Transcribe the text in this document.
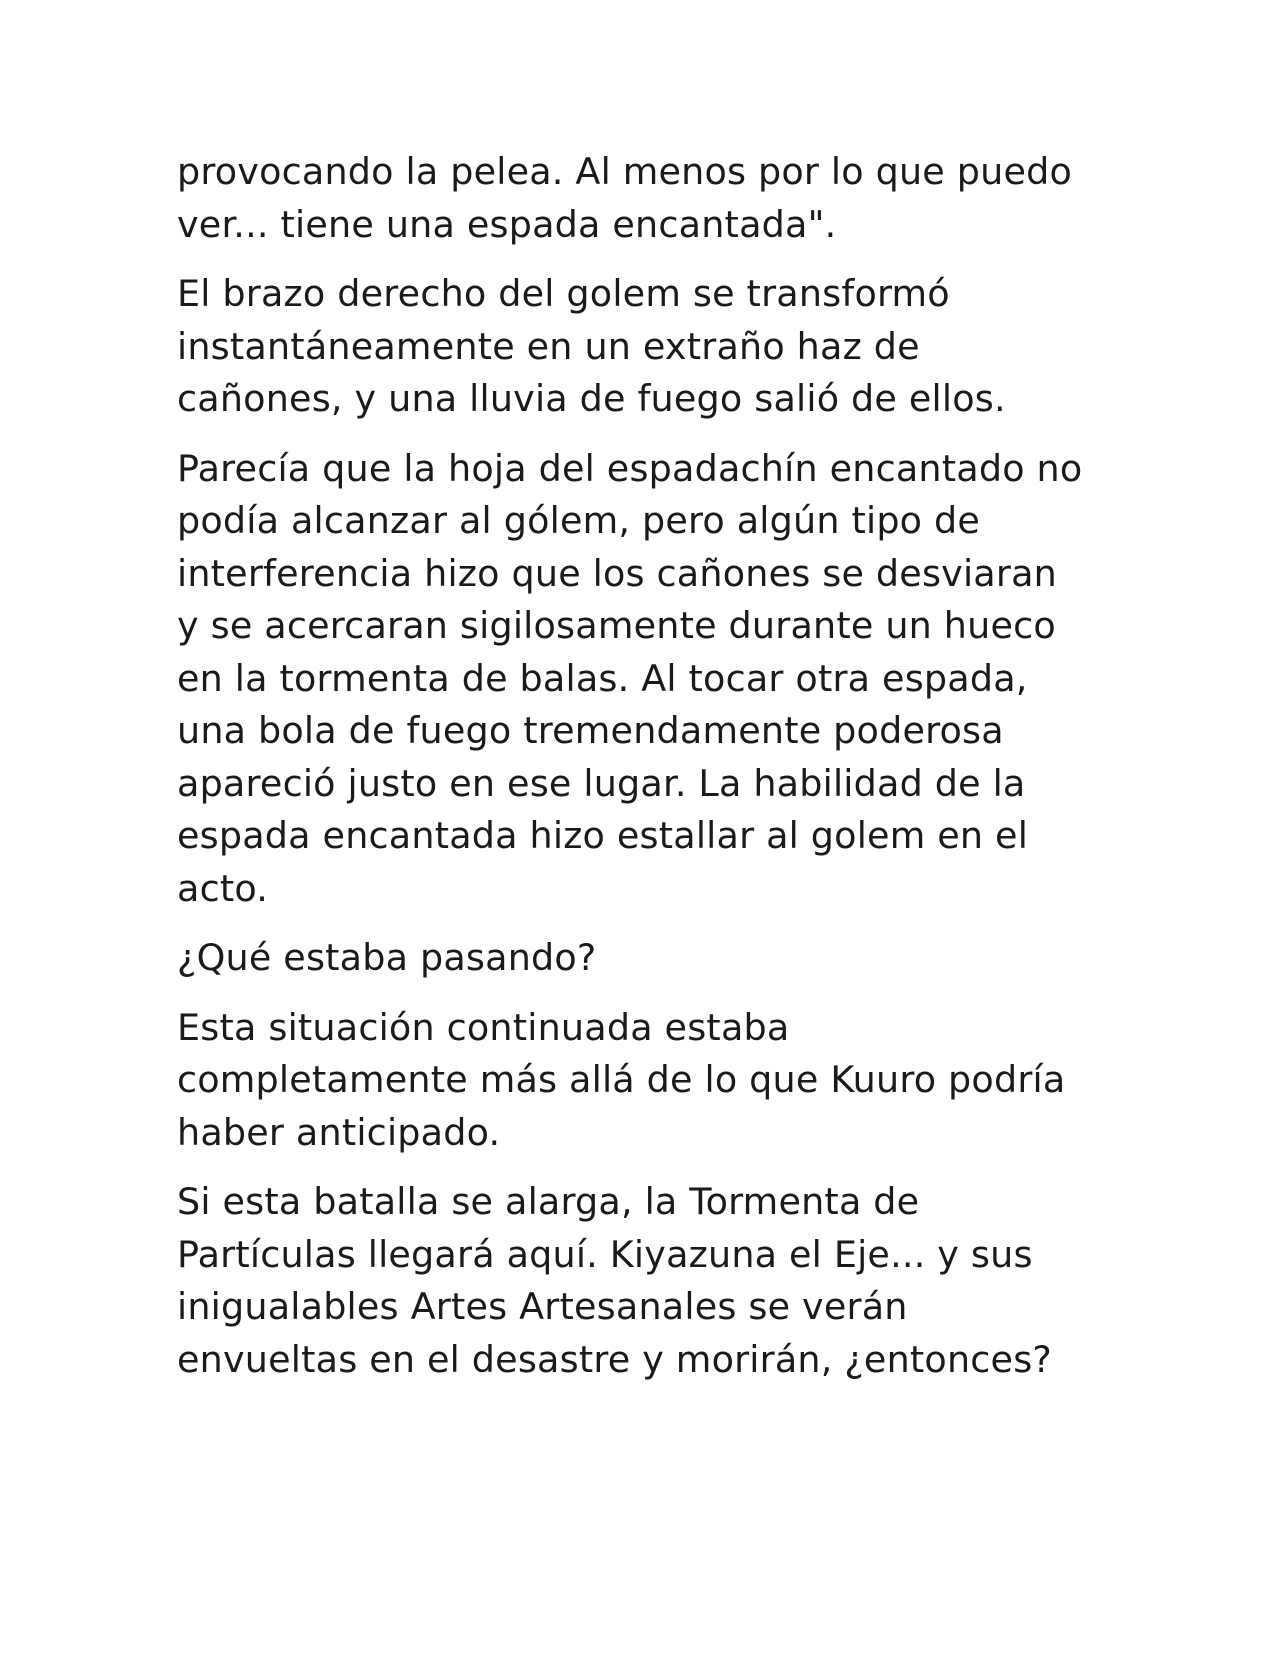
provocando la pelea. Al menos por lo que puedo
ver... tiene una espada encantada".

El brazo derecho del golem se transformó
instantáneamente en un extraño haz de
cañones, y una lluvia de fuego salió de ellos.

Parecía que la hoja del espadachín encantado no
podía alcanzar al gólem, pero algún tipo de
interferencia hizo que los cañones se desviaran
y se acercaran sigilosamente durante un hueco
en la tormenta de balas. Al tocar otra espada,
una bola de fuego tremendamente poderosa
apareció justo en ese lugar. La habilidad de la
espada encantada hizo estallar al golem en el
acto.

¿Qué estaba pasando?

Esta situación continuada estaba
completamente más allá de lo que Kuuro podría
haber anticipado.

Si esta batalla se alarga, la Tormenta de
Partículas llegará aquí. Kiyazuna el Eje... y sus
inigualables Artes Artesanales se verán
envueltas en el desastre y morirán, ¿entonces?
